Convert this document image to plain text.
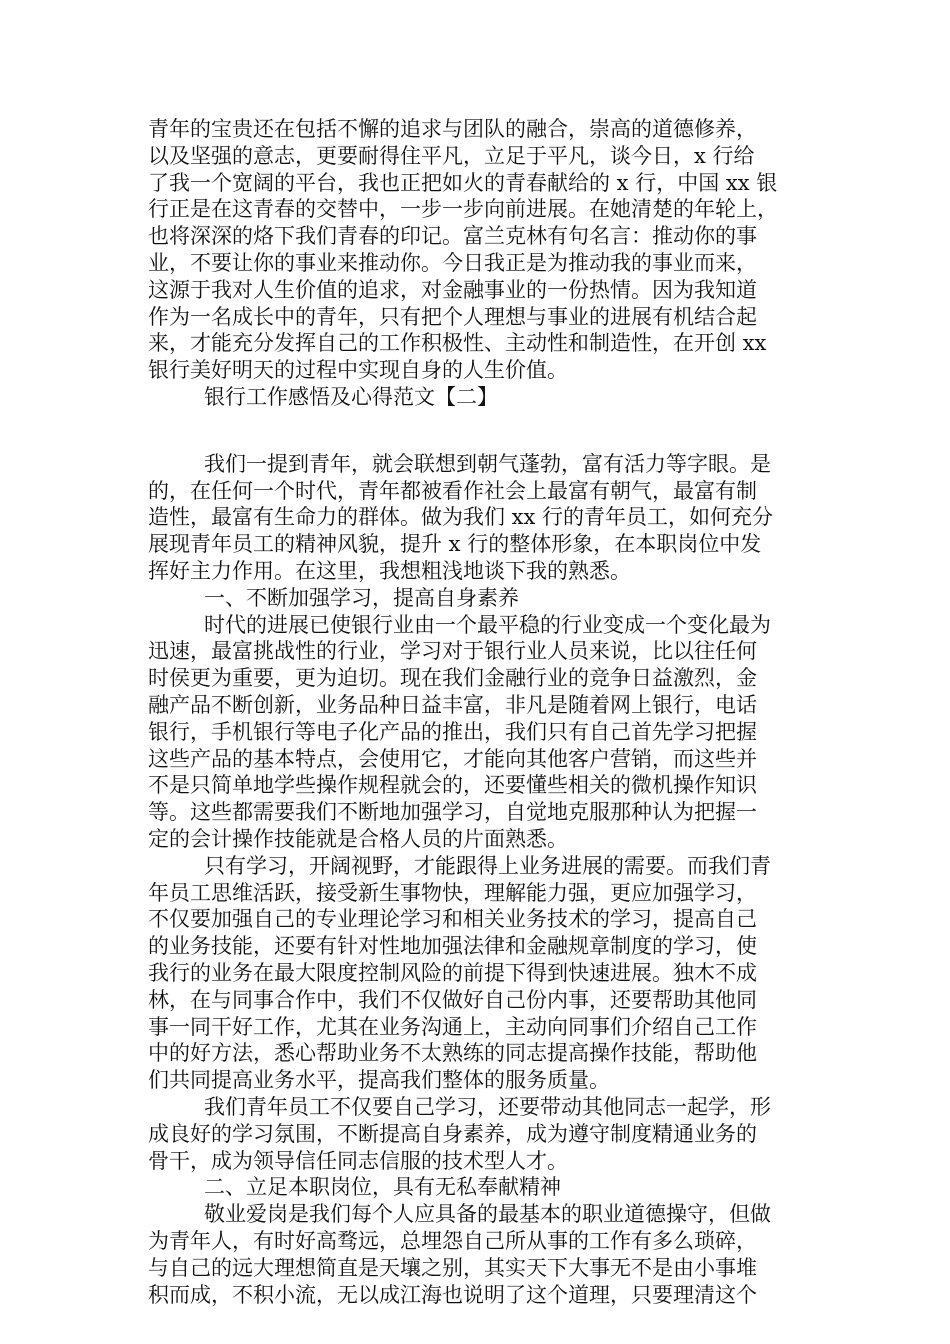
青年的宝贵还在包括不懈的追求与团队的融合，崇高的道德修养，
以及坚强的意志，更要耐得住平凡，立足于平凡，谈今日，x 行给
了我一个宽阔的平台，我也正把如火的青春献给的 x 行，中国 xx 银
行正是在这青春的交替中，一步一步向前进展。在她清楚的年轮上，
也将深深的烙下我们青春的印记。富兰克林有句名言：推动你的事
业，不要让你的事业来推动你。今日我正是为推动我的事业而来，
这源于我对人生价值的追求，对金融事业的一份热情。因为我知道
作为一名成长中的青年，只有把个人理想与事业的进展有机结合起
来，才能充分发挥自己的工作积极性、主动性和制造性，在开创 xx
银行美好明天的过程中实现自身的人生价值。
银行工作感悟及心得范文【二】
我们一提到青年，就会联想到朝气蓬勃，富有活力等字眼。是
的，在任何一个时代，青年都被看作社会上最富有朝气，最富有制
造性，最富有生命力的群体。做为我们 xx 行的青年员工，如何充分
展现青年员工的精神风貌，提升 x 行的整体形象，在本职岗位中发
挥好主力作用。在这里，我想粗浅地谈下我的熟悉。
一、不断加强学习，提高自身素养
时代的进展已使银行业由一个最平稳的行业变成一个变化最为
迅速，最富挑战性的行业，学习对于银行业人员来说，比以往任何
时侯更为重要，更为迫切。现在我们金融行业的竞争日益激烈，金
融产品不断创新，业务品种日益丰富，非凡是随着网上银行，电话
银行，手机银行等电子化产品的推出，我们只有自己首先学习把握
这些产品的基本特点，会使用它，才能向其他客户营销，而这些并
不是只简单地学些操作规程就会的，还要懂些相关的微机操作知识
等。这些都需要我们不断地加强学习，自觉地克服那种认为把握一
定的会计操作技能就是合格人员的片面熟悉。
只有学习，开阔视野，才能跟得上业务进展的需要。而我们青
年员工思维活跃，接受新生事物快，理解能力强，更应加强学习，
不仅要加强自己的专业理论学习和相关业务技术的学习，提高自己
的业务技能，还要有针对性地加强法律和金融规章制度的学习，使
我行的业务在最大限度控制风险的前提下得到快速进展。独木不成
林，在与同事合作中，我们不仅做好自己份内事，还要帮助其他同
事一同干好工作，尤其在业务沟通上，主动向同事们介绍自己工作
中的好方法，悉心帮助业务不太熟练的同志提高操作技能，帮助他
们共同提高业务水平，提高我们整体的服务质量。
我们青年员工不仅要自己学习，还要带动其他同志一起学，形
成良好的学习氛围，不断提高自身素养，成为遵守制度精通业务的
骨干，成为领导信任同志信服的技术型人才。
二、立足本职岗位，具有无私奉献精神
敬业爱岗是我们每个人应具备的最基本的职业道德操守，但做
为青年人，有时好高骛远，总埋怨自己所从事的工作有多么琐碎，
与自己的远大理想简直是天壤之别，其实天下大事无不是由小事堆
积而成，不积小流，无以成江海也说明了这个道理，只要理清这个
